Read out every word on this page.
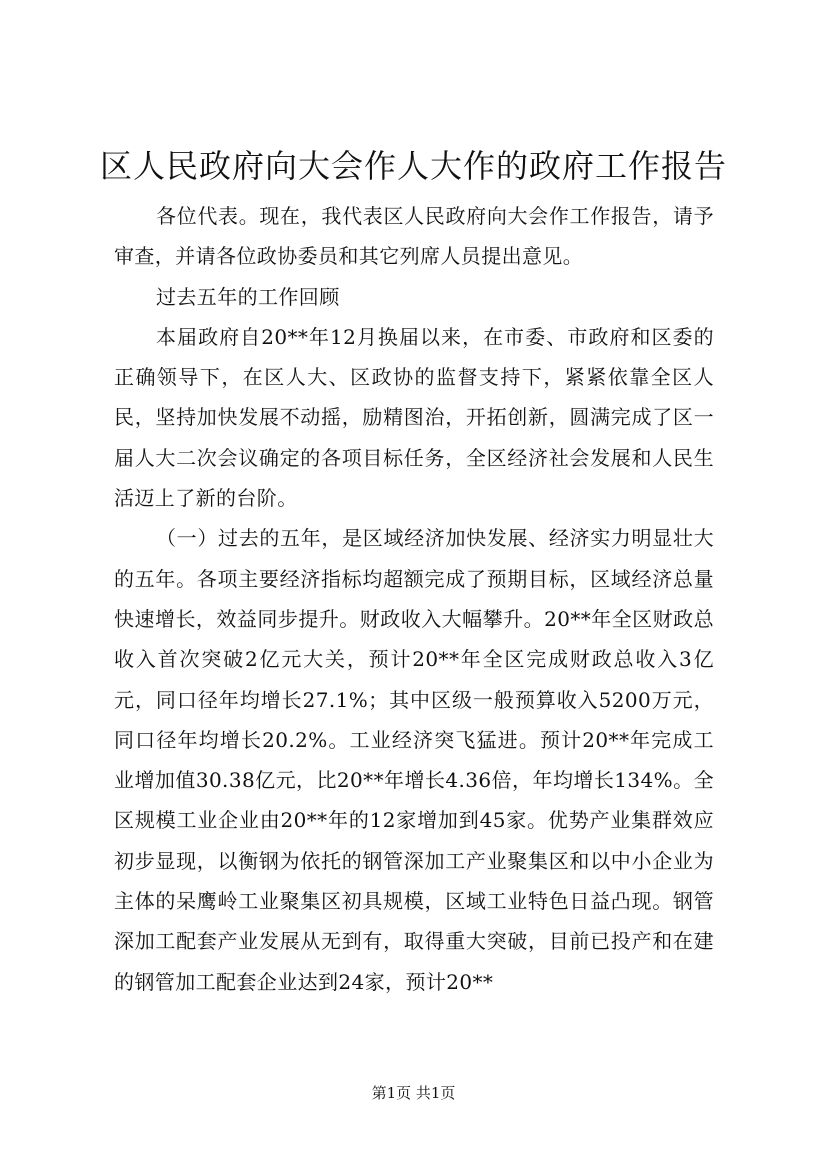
区人民政府向大会作人大作的政府工作报告

各位代表。现在，我代表区人民政府向大会作工作报告，请予审查，并请各位政协委员和其它列席人员提出意见。

过去五年的工作回顾

本届政府自20**年12月换届以来，在市委、市政府和区委的正确领导下，在区人大、区政协的监督支持下，紧紧依靠全区人民，坚持加快发展不动摇，励精图治，开拓创新，圆满完成了区一届人大二次会议确定的各项目标任务，全区经济社会发展和人民生活迈上了新的台阶。

（一）过去的五年，是区域经济加快发展、经济实力明显壮大的五年。各项主要经济指标均超额完成了预期目标，区域经济总量快速增长，效益同步提升。财政收入大幅攀升。20**年全区财政总收入首次突破2亿元大关，预计20**年全区完成财政总收入3亿元，同口径年均增长27.1%；其中区级一般预算收入5200万元，同口径年均增长20.2%。工业经济突飞猛进。预计20**年完成工业增加值30.38亿元，比20**年增长4.36倍，年均增长134%。全区规模工业企业由20**年的12家增加到45家。优势产业集群效应初步显现，以衡钢为依托的钢管深加工产业聚集区和以中小企业为主体的呆鹰岭工业聚集区初具规模，区域工业特色日益凸现。钢管深加工配套产业发展从无到有，取得重大突破，目前已投产和在建的钢管加工配套企业达到24家，预计20**

第1页 共1页
